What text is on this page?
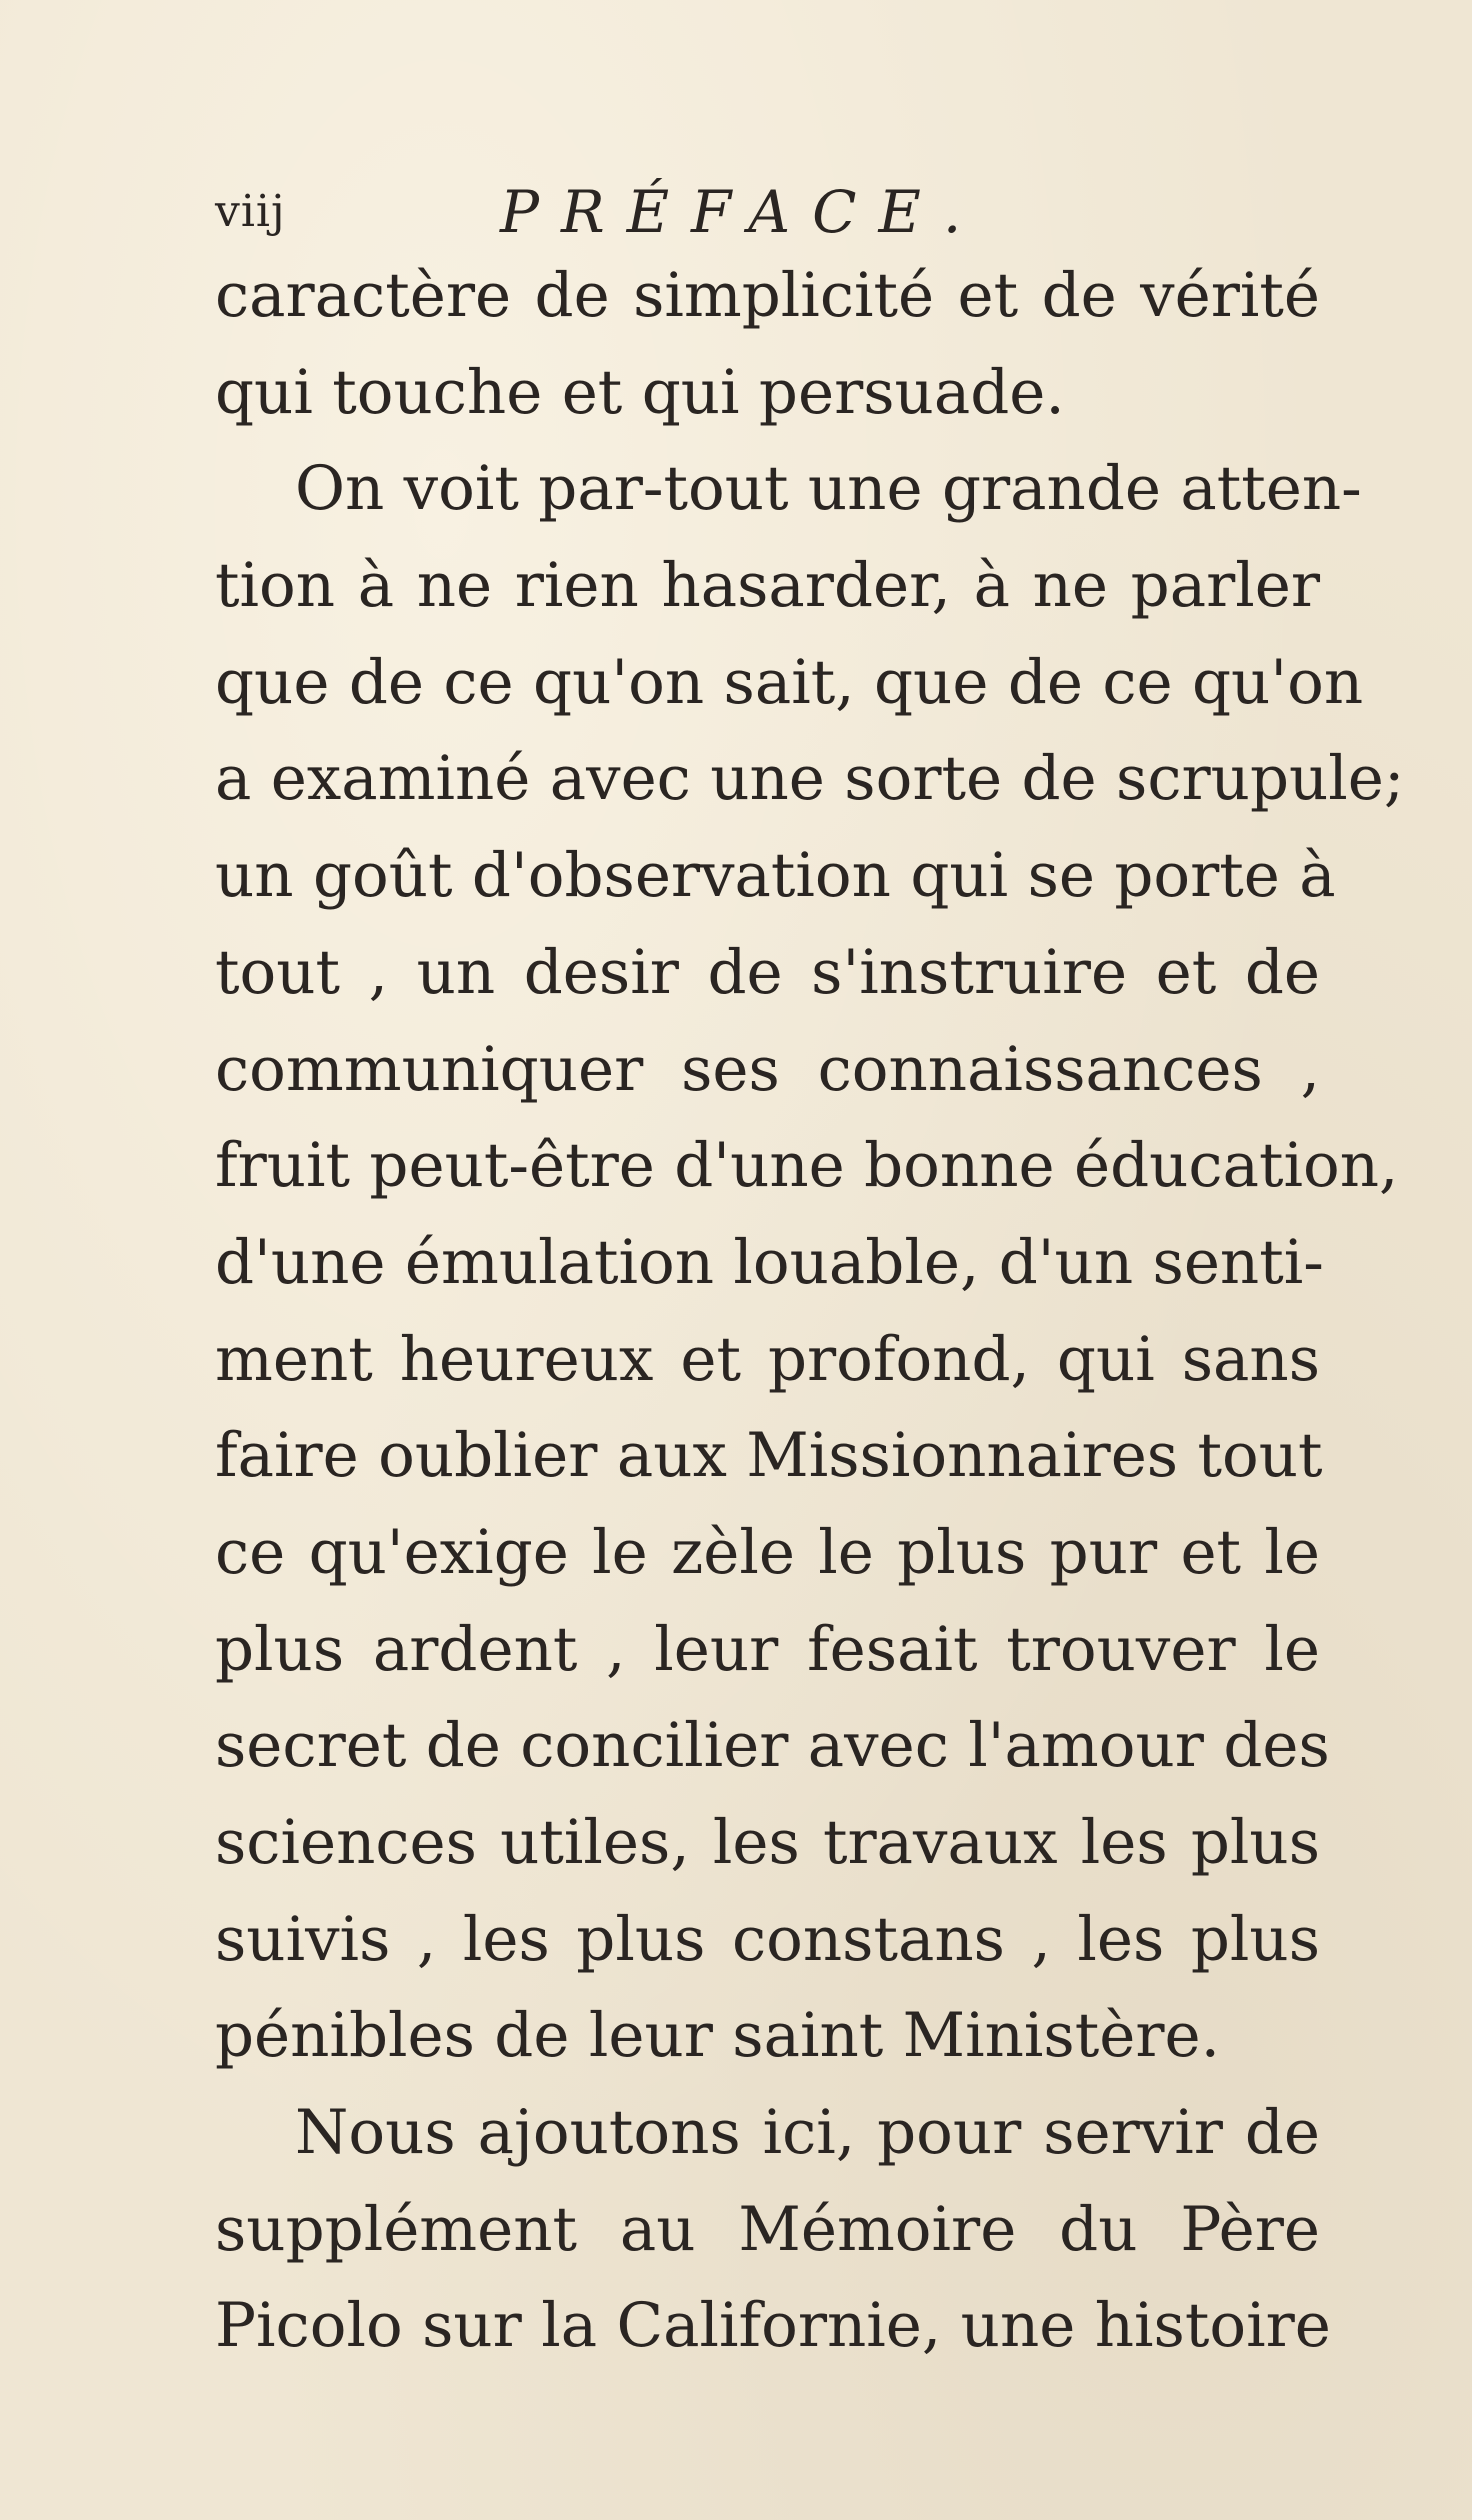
viij	PRÉFACE.
caractère de simplicité et de vérité
qui touche et qui persuade.
On voit par-tout une grande atten-
tion à ne rien hasarder, à ne parler
que de ce qu'on sait, que de ce qu'on
a examiné avec une sorte de scrupule;
un goût d'observation qui se porte à
tout , un desir de s'instruire et de
communiquer ses connaissances ,
fruit peut-être d'une bonne éducation,
d'une émulation louable, d'un senti-
ment heureux et profond, qui sans
faire oublier aux Missionnaires tout
ce qu'exige le zèle le plus pur et le
plus ardent , leur fesait trouver le
secret de concilier avec l'amour des
sciences utiles, les travaux les plus
suivis , les plus constans , les plus
pénibles de leur saint Ministère.
Nous ajoutons ici, pour servir de
supplément au Mémoire du Père
Picolo sur la Californie, une histoire
